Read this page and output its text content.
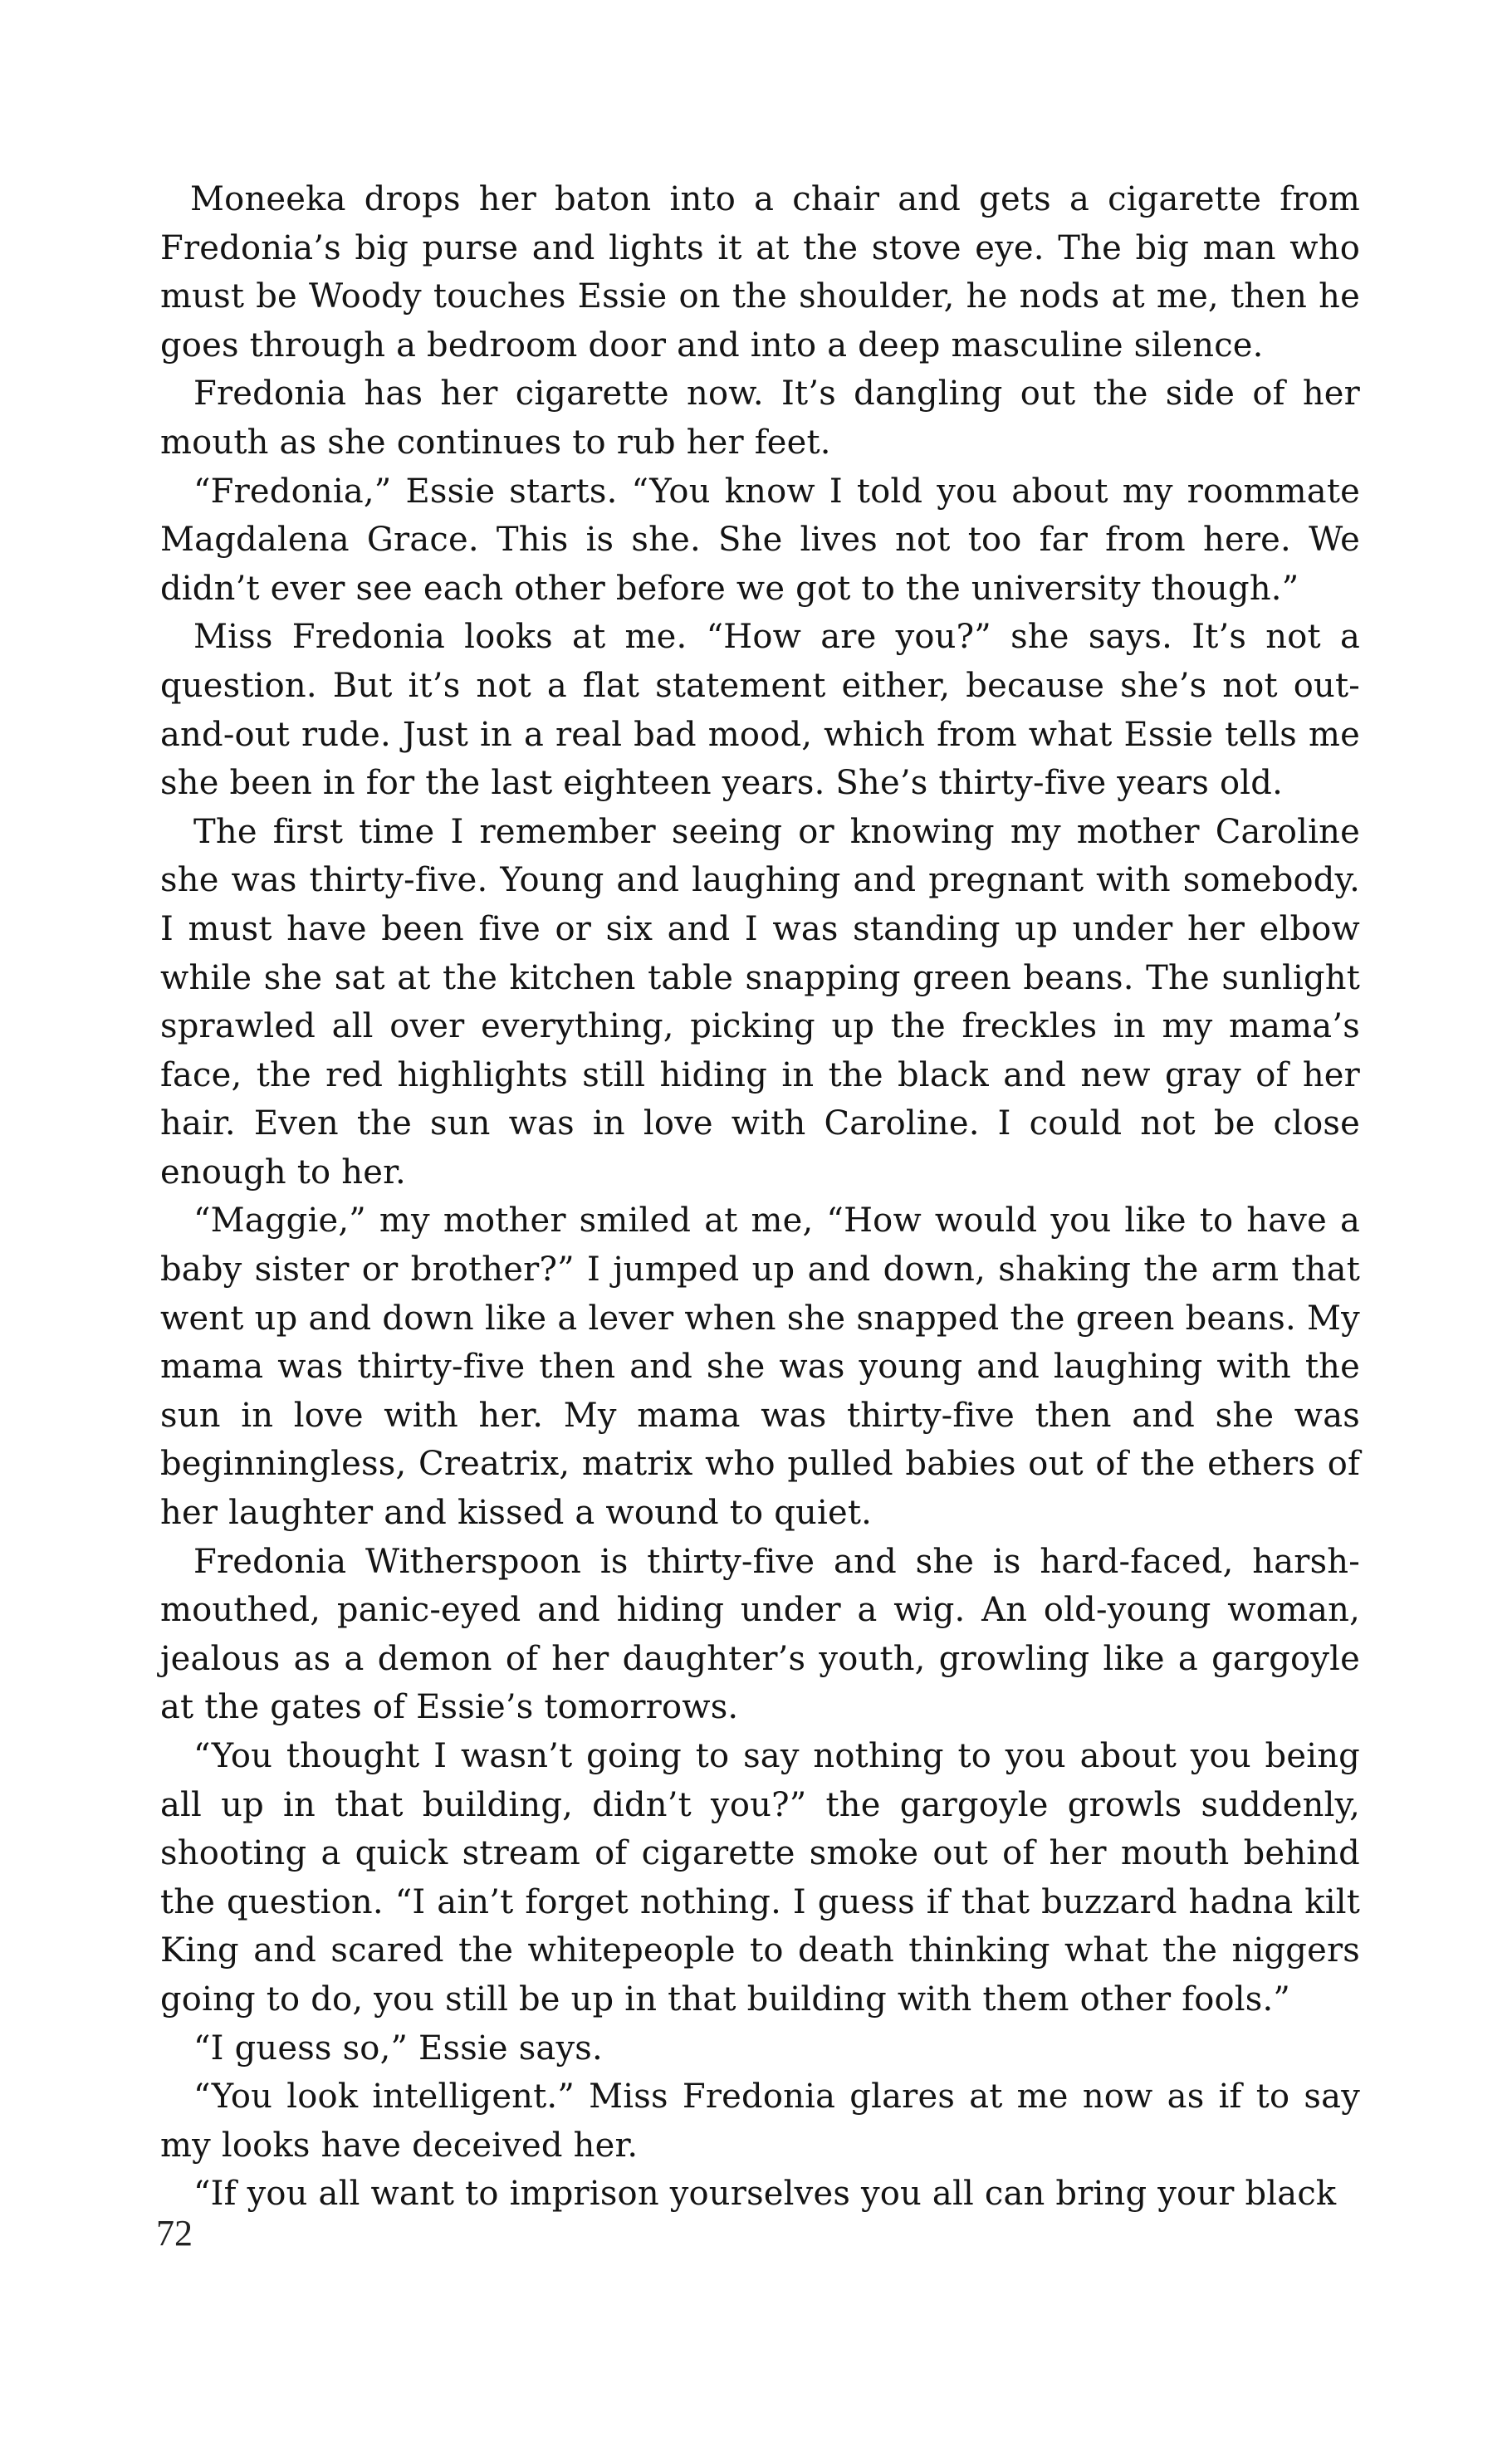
Moneeka drops her baton into a chair and gets a cigarette from Fredonia’s big purse and lights it at the stove eye. The big man who must be Woody touches Essie on the shoulder, he nods at me, then he goes through a bedroom door and into a deep masculine silence.

Fredonia has her cigarette now. It’s dangling out the side of her mouth as she continues to rub her feet.

“Fredonia,” Essie starts. “You know I told you about my roommate Magdalena Grace. This is she. She lives not too far from here. We didn’t ever see each other before we got to the university though.”

Miss Fredonia looks at me. “How are you?” she says. It’s not a question. But it’s not a flat statement either, because she’s not out-and-out rude. Just in a real bad mood, which from what Essie tells me she been in for the last eighteen years. She’s thirty-five years old.

The first time I remember seeing or knowing my mother Caroline she was thirty-five. Young and laughing and pregnant with somebody. I must have been five or six and I was standing up under her elbow while she sat at the kitchen table snapping green beans. The sunlight sprawled all over everything, picking up the freckles in my mama’s face, the red highlights still hiding in the black and new gray of her hair. Even the sun was in love with Caroline. I could not be close enough to her.

“Maggie,” my mother smiled at me, “How would you like to have a baby sister or brother?” I jumped up and down, shaking the arm that went up and down like a lever when she snapped the green beans. My mama was thirty-five then and she was young and laughing with the sun in love with her. My mama was thirty-five then and she was beginningless, Creatrix, matrix who pulled babies out of the ethers of her laughter and kissed a wound to quiet.

Fredonia Witherspoon is thirty-five and she is hard-faced, harsh-mouthed, panic-eyed and hiding under a wig. An old-young woman, jealous as a demon of her daughter’s youth, growling like a gargoyle at the gates of Essie’s tomorrows.

“You thought I wasn’t going to say nothing to you about you being all up in that building, didn’t you?” the gargoyle growls suddenly, shooting a quick stream of cigarette smoke out of her mouth behind the question. “I ain’t forget nothing. I guess if that buzzard hadna kilt King and scared the whitepeople to death thinking what the niggers going to do, you still be up in that building with them other fools.”

“I guess so,” Essie says.

“You look intelligent.” Miss Fredonia glares at me now as if to say my looks have deceived her.

“If you all want to imprison yourselves you all can bring your black

72
